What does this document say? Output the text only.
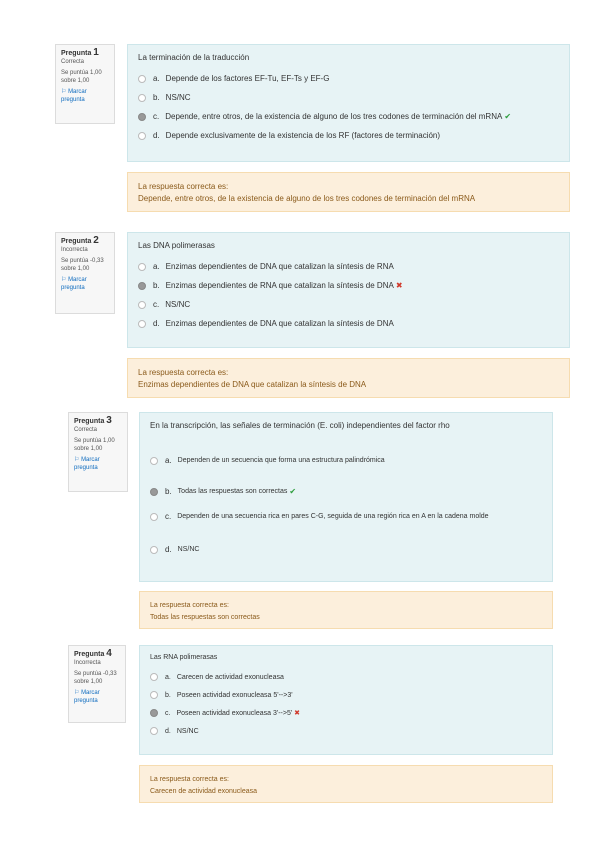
Pregunta 1
Correcta
Se puntúa 1,00 sobre 1,00
⚐ Marcar pregunta
La terminación de la traducción
a. Depende de los factores EF-Tu, EF-Ts y EF-G
b. NS/NC
c. Depende, entre otros, de la existencia de alguno de los tres codones de terminación del mRNA ✔
d. Depende exclusivamente de la existencia de los RF (factores de terminación)
La respuesta correcta es:
Depende, entre otros, de la existencia de alguno de los tres codones de terminación del mRNA
Pregunta 2
Incorrecta
Se puntúa -0,33 sobre 1,00
⚐ Marcar pregunta
Las DNA polimerasas
a. Enzimas dependientes de DNA que catalizan la síntesis de RNA
b. Enzimas dependientes de RNA que catalizan la síntesis de DNA ✖
c. NS/NC
d. Enzimas dependientes de DNA que catalizan la síntesis de DNA
La respuesta correcta es:
Enzimas dependientes de DNA que catalizan la síntesis de DNA
Pregunta 3
Correcta
Se puntúa 1,00 sobre 1,00
⚐ Marcar pregunta
En la transcripción, las señales de terminación (E. coli) independientes del factor rho
a. Dependen de un secuencia que forma una estructura palindrómica
b. Todas las respuestas son correctas ✔
c. Dependen de una secuencia rica en pares C-G, seguida de una región rica en A en la cadena molde
d. NS/NC
La respuesta correcta es:
Todas las respuestas son correctas
Pregunta 4
Incorrecta
Se puntúa -0,33 sobre 1,00
⚐ Marcar pregunta
Las RNA polimerasas
a. Carecen de actividad exonucleasa
b. Poseen actividad exonucleasa 5'-->3'
c. Poseen actividad exonucleasa 3'-->5' ✖
d. NS/NC
La respuesta correcta es:
Carecen de actividad exonucleasa
